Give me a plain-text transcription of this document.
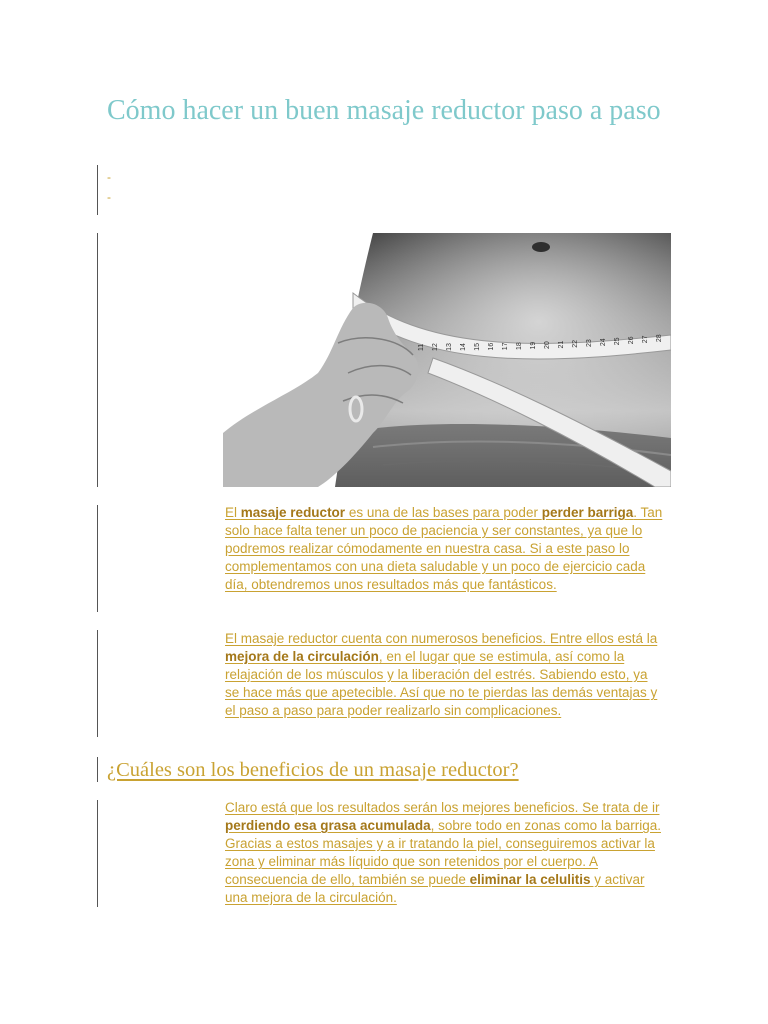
Cómo hacer un buen masaje reductor paso a paso
-
-
11 12 13 14 15 16 17 18 19 20 21 22 23 24 25 26 27 28

El masaje reductor es una de las bases para poder perder barriga. Tan solo hace falta tener un poco de paciencia y ser constantes, ya que lo podremos realizar cómodamente en nuestra casa. Si a este paso lo complementamos con una dieta saludable y un poco de ejercicio cada día, obtendremos unos resultados más que fantásticos.

El masaje reductor cuenta con numerosos beneficios. Entre ellos está la mejora de la circulación, en el lugar que se estimula, así como la relajación de los músculos y la liberación del estrés. Sabiendo esto, ya se hace más que apetecible. Así que no te pierdas las demás ventajas y el paso a paso para poder realizarlo sin complicaciones.

¿Cuáles son los beneficios de un masaje reductor?

Claro está que los resultados serán los mejores beneficios. Se trata de ir perdiendo esa grasa acumulada, sobre todo en zonas como la barriga. Gracias a estos masajes y a ir tratando la piel, conseguiremos activar la zona y eliminar más líquido que son retenidos por el cuerpo. A consecuencia de ello, también se puede eliminar la celulitis y activar una mejora de la circulación.
